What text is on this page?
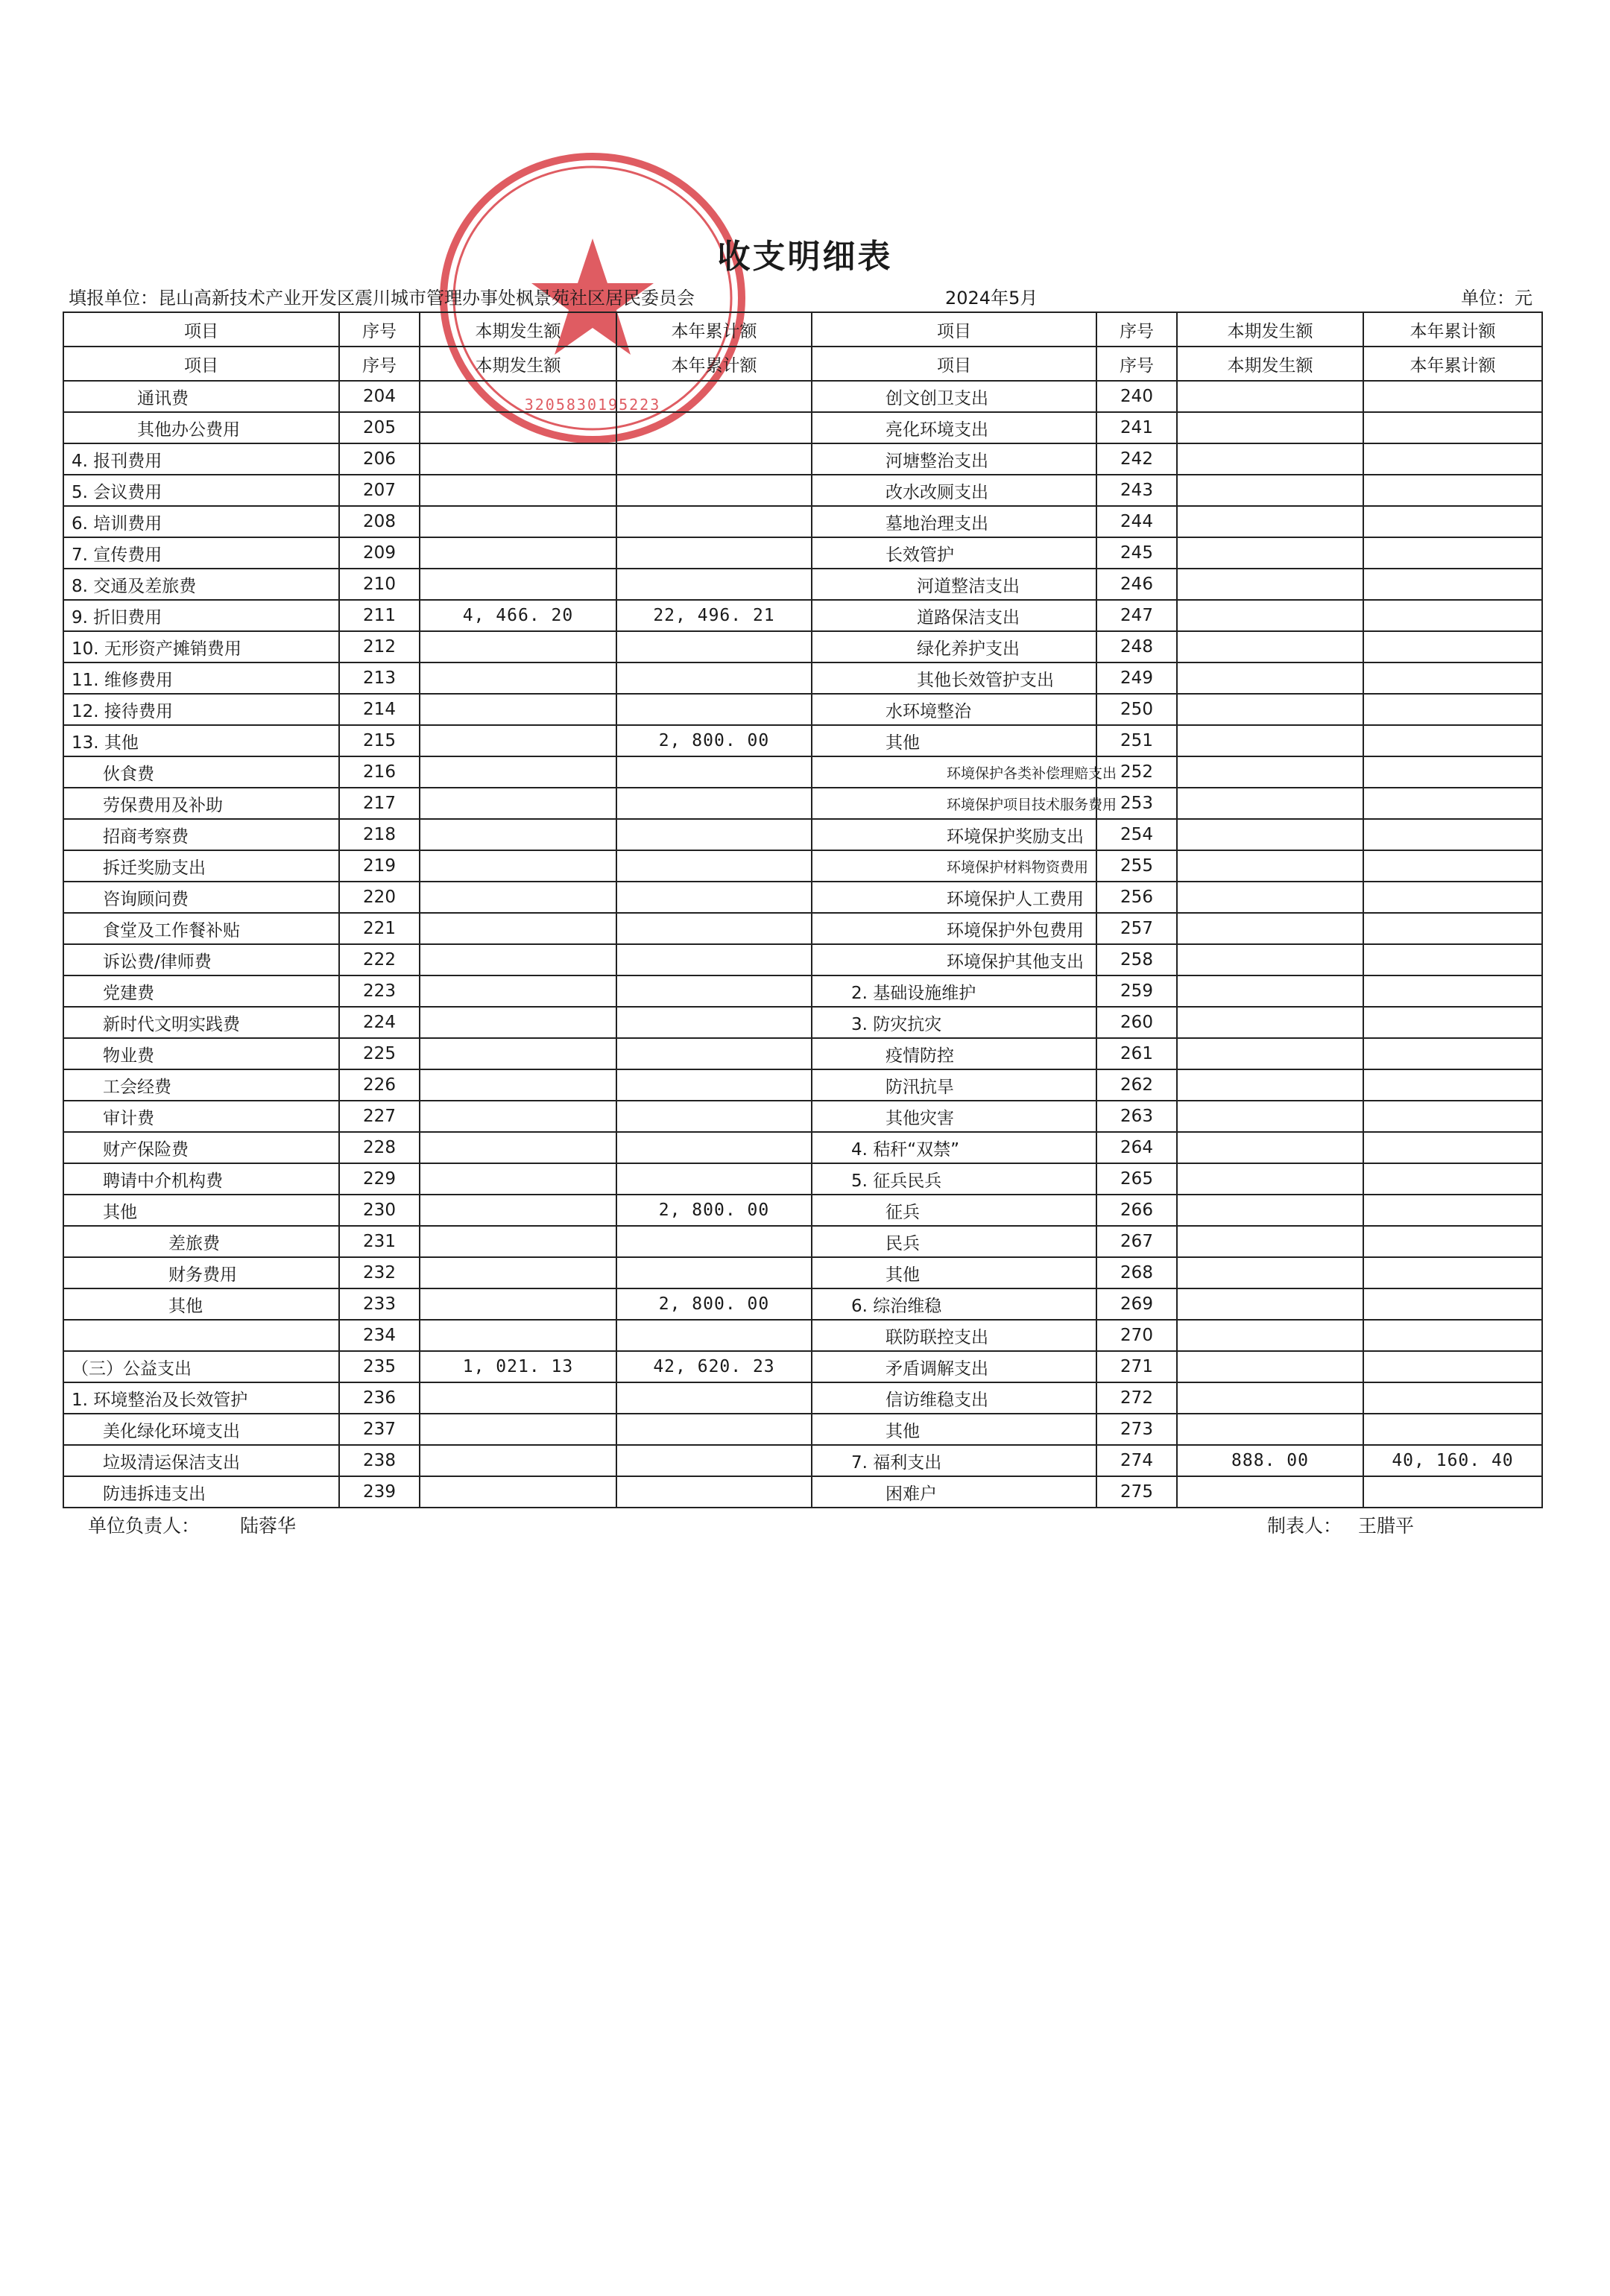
3205830195223
收支明细表
填报单位：昆山高新技术产业开发区震川城市管理办事处枫景苑社区居民委员会	2024年5月	单位：元
项目	序号	本期发生额	本年累计额	项目	序号	本期发生额	本年累计额
项目	序号	本期发生额	本年累计额	项目	序号	本期发生额	本年累计额
通讯费	204			创文创卫支出	240		
其他办公费用	205			亮化环境支出	241		
4. 报刊费用	206			河塘整治支出	242		
5. 会议费用	207			改水改厕支出	243		
6. 培训费用	208			墓地治理支出	244		
7. 宣传费用	209			长效管护	245		
8. 交通及差旅费	210			河道整洁支出	246		
9. 折旧费用	211	4, 466. 20	22, 496. 21	道路保洁支出	247		
10. 无形资产摊销费用	212			绿化养护支出	248		
11. 维修费用	213			其他长效管护支出	249		
12. 接待费用	214			水环境整治	250		
13. 其他	215		2, 800. 00	其他	251		
伙食费	216			环境保护各类补偿理赔支出	252		
劳保费用及补助	217			环境保护项目技术服务费用	253		
招商考察费	218			环境保护奖励支出	254		
拆迁奖励支出	219			环境保护材料物资费用	255		
咨询顾问费	220			环境保护人工费用	256		
食堂及工作餐补贴	221			环境保护外包费用	257		
诉讼费/律师费	222			环境保护其他支出	258		
党建费	223			2. 基础设施维护	259		
新时代文明实践费	224			3. 防灾抗灾	260		
物业费	225			疫情防控	261		
工会经费	226			防汛抗旱	262		
审计费	227			其他灾害	263		
财产保险费	228			4. 秸秆“双禁”	264		
聘请中介机构费	229			5. 征兵民兵	265		
其他	230		2, 800. 00	征兵	266		
差旅费	231			民兵	267		
财务费用	232			其他	268		
其他	233		2, 800. 00	6. 综治维稳	269		
	234			联防联控支出	270		
（三）公益支出	235	1, 021. 13	42, 620. 23	矛盾调解支出	271		
1. 环境整治及长效管护	236			信访维稳支出	272		
美化绿化环境支出	237			其他	273		
垃圾清运保洁支出	238			7. 福利支出	274	888. 00	40, 160. 40
防违拆违支出	239			困难户	275		
单位负责人： 陆蓉华	制表人： 王腊平
